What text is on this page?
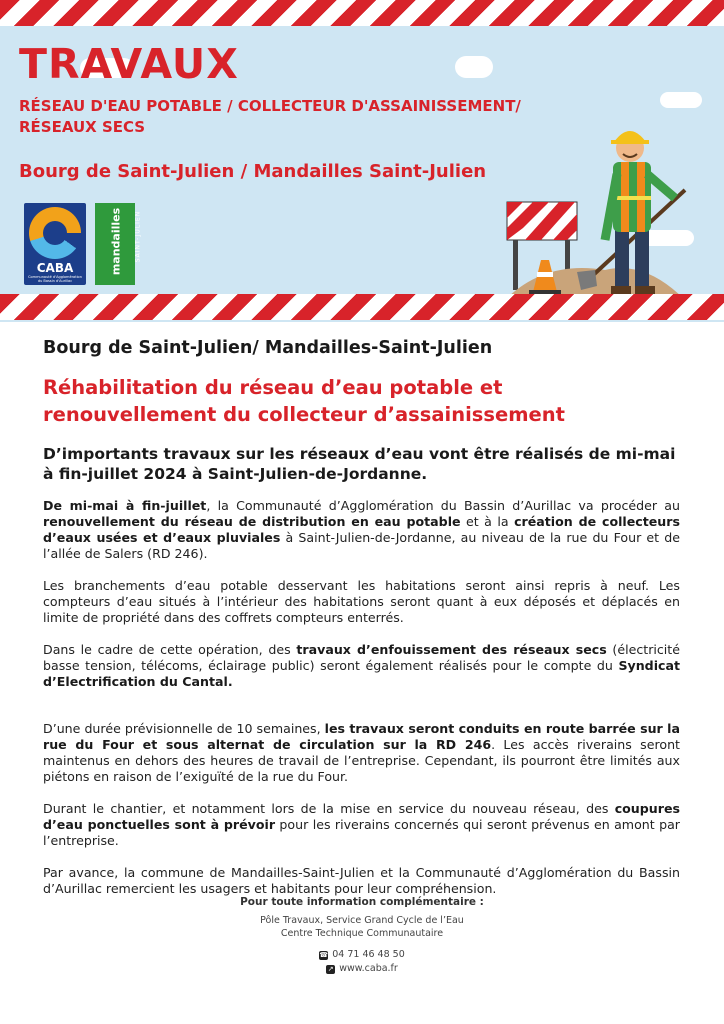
TRAVAUX

RÉSEAU D'EAU POTABLE / COLLECTEUR D'ASSAINISSEMENT/ RÉSEAUX SECS

Bourg de Saint-Julien / Mandailles Saint-Julien

CABA
Communauté d'Agglomération du Bassin d'Aurillac
mandailles SAINT-JULIEN
Bourg de Saint-Julien/ Mandailles-Saint-Julien
Réhabilitation du réseau d’eau potable et renouvellement du collecteur d’assainissement

D’importants travaux sur les réseaux d’eau vont être réalisés de mi-mai à fin-juillet 2024 à Saint-Julien-de-Jordanne.

De mi-mai à fin-juillet, la Communauté d’Agglomération du Bassin d’Aurillac va procéder au renouvellement du réseau de distribution en eau potable et à la création de collecteurs d’eaux usées et d’eaux pluviales à Saint-Julien-de-Jordanne, au niveau de la rue du Four et de l’allée de Salers (RD 246).

Les branchements d’eau potable desservant les habitations seront ainsi repris à neuf. Les compteurs d’eau situés à l’intérieur des habitations seront quant à eux déposés et déplacés en limite de propriété dans des coffrets compteurs enterrés.

Dans le cadre de cette opération, des travaux d’enfouissement des réseaux secs (électricité basse tension, télécoms, éclairage public) seront également réalisés pour le compte du Syndicat d’Electrification du Cantal.

D’une durée prévisionnelle de 10 semaines, les travaux seront conduits en route barrée sur la rue du Four et sous alternat de circulation sur la RD 246. Les accès riverains seront maintenus en dehors des heures de travail de l’entreprise. Cependant, ils pourront être limités aux piétons en raison de l’exiguïté de la rue du Four.

Durant le chantier, et notamment lors de la mise en service du nouveau réseau, des coupures d’eau ponctuelles sont à prévoir pour les riverains concernés qui seront prévenus en amont par l’entreprise.

Par avance, la commune de Mandailles-Saint-Julien et la Communauté d’Agglomération du Bassin d’Aurillac remercient les usagers et habitants pour leur compréhension.

Pour toute information complémentaire :
Pôle Travaux, Service Grand Cycle de l’Eau
Centre Technique Communautaire
☎ 04 71 46 48 50
↗ www.caba.fr
